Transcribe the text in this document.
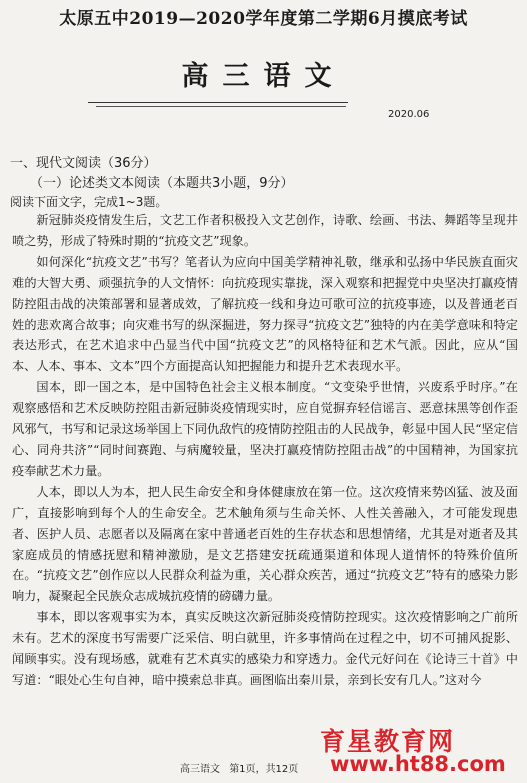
太原五中2019—2020学年度第二学期6月摸底考试
高三语文
2020.06
一、现代文阅读（36分）
（一）论述类文本阅读（本题共3小题，9分）
阅读下面文字，完成1~3题。

新冠肺炎疫情发生后，文艺工作者积极投入文艺创作，诗歌、绘画、书法、舞蹈等呈现井喷之势，形成了特殊时期的“抗疫文艺”现象。

如何深化“抗疫文艺”书写？笔者认为应向中国美学精神礼敬，继承和弘扬中华民族直面灾难的大智大勇、顽强抗争的人文情怀：向抗疫现实靠拢，深入观察和把握党中央坚决打赢疫情防控阻击战的决策部署和显著成效，了解抗疫一线和身边可歌可泣的抗疫事迹，以及普通老百姓的悲欢离合故事；向灾难书写的纵深掘进，努力探寻“抗疫文艺”独特的内在美学意味和特定表达形式，在艺术追求中凸显当代中国“抗疫文艺”的风格特征和艺术气派。因此，应从“国本、人本、事本、文本”四个方面提高认知把握能力和提升艺术表现水平。

国本，即一国之本，是中国特色社会主义根本制度。“文变染乎世情，兴废系乎时序。”在观察感悟和艺术反映防控阻击新冠肺炎疫情现实时，应自觉摒弃轻信谣言、恶意抹黑等创作歪风邪气，书写和记录这场举国上下同仇敌忾的疫情防控阻击的人民战争，彰显中国人民“坚定信心、同舟共济”“同时间赛跑、与病魔较量，坚决打赢疫情防控阻击战”的中国精神，为国家抗疫奉献艺术力量。

人本，即以人为本，把人民生命安全和身体健康放在第一位。这次疫情来势凶猛、波及面广，直接影响到每个人的生命安全。艺术触角须与生命关怀、人性关善融入，才可能发现患者、医护人员、志愿者以及隔离在家中普通老百姓的生存状态和思想情绪，尤其是对逝者及其家庭成员的情感抚慰和精神激励，是文艺搭建安抚疏通渠道和体现人道情怀的特殊价值所在。“抗疫文艺”创作应以人民群众利益为重，关心群众疾苦，通过“抗疫文艺”特有的感染力影响力，凝聚起全民族众志成城抗疫情的磅礴力量。

事本，即以客观事实为本，真实反映这次新冠肺炎疫情防控现实。这次疫情影响之广前所未有。艺术的深度书写需要广泛采信、明白就里，许多事情尚在过程之中，切不可捕风捉影、闻顾事实。没有现场感，就难有艺术真实的感染力和穿透力。金代元好问在《论诗三十首》中写道：“眼处心生句自神，暗中摸索总非真。画图临出秦川景，亲到长安有几人。”这对今

育星教育网
www.ht88.com
高三语文 第1页，共12页
